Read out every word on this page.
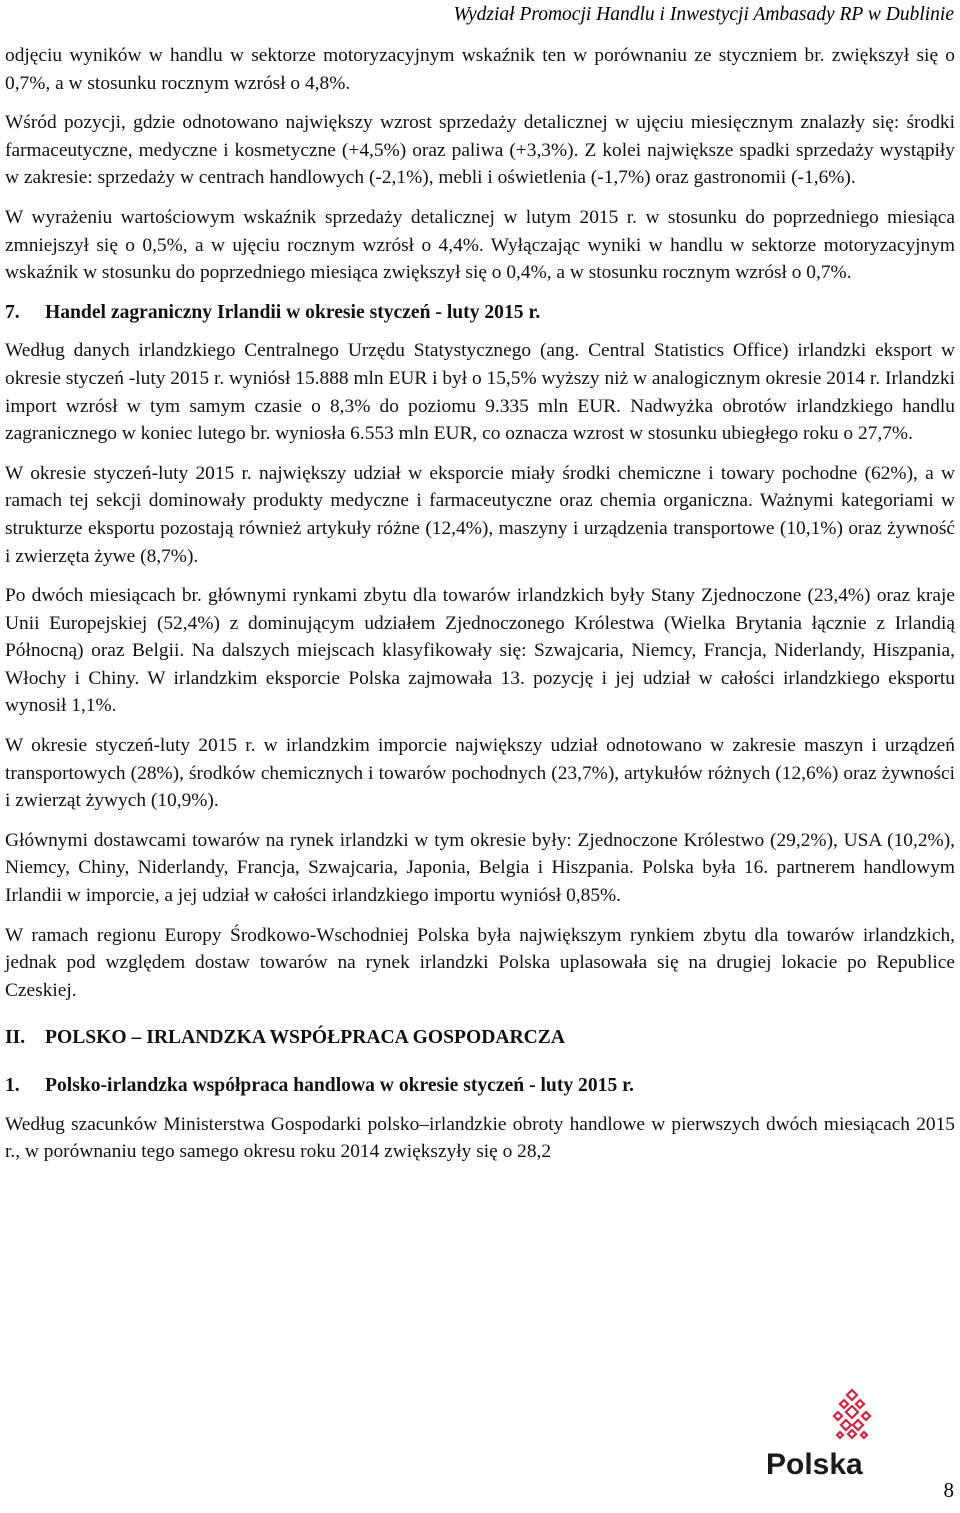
Wydział Promocji Handlu i Inwestycji Ambasady RP w Dublinie

odjęciu wyników w handlu w sektorze motoryzacyjnym wskaźnik ten w porównaniu ze styczniem br. zwiększył się o 0,7%, a w stosunku rocznym wzrósł o 4,8%.

Wśród pozycji, gdzie odnotowano największy wzrost sprzedaży detalicznej w ujęciu miesięcznym znalazły się: środki farmaceutyczne, medyczne i kosmetyczne (+4,5%) oraz paliwa (+3,3%). Z kolei największe spadki sprzedaży wystąpiły w zakresie: sprzedaży w centrach handlowych (-2,1%), mebli i oświetlenia (-1,7%) oraz gastronomii (-1,6%).

W wyrażeniu wartościowym wskaźnik sprzedaży detalicznej w lutym 2015 r. w stosunku do poprzedniego miesiąca zmniejszył się o 0,5%, a w ujęciu rocznym wzrósł o 4,4%. Wyłączając wyniki w handlu w sektorze motoryzacyjnym wskaźnik w stosunku do poprzedniego miesiąca zwiększył się o 0,4%, a w stosunku rocznym wzrósł o 0,7%.

7. Handel zagraniczny Irlandii w okresie styczeń - luty 2015 r.

Według danych irlandzkiego Centralnego Urzędu Statystycznego (ang. Central Statistics Office) irlandzki eksport w okresie styczeń -luty 2015 r. wyniósł 15.888 mln EUR i był o 15,5% wyższy niż w analogicznym okresie 2014 r. Irlandzki import wzrósł w tym samym czasie o 8,3% do poziomu 9.335 mln EUR. Nadwyżka obrotów irlandzkiego handlu zagranicznego w koniec lutego br. wyniosła 6.553 mln EUR, co oznacza wzrost w stosunku ubiegłego roku o 27,7%.

W okresie styczeń-luty 2015 r. największy udział w eksporcie miały środki chemiczne i towary pochodne (62%), a w ramach tej sekcji dominowały produkty medyczne i farmaceutyczne oraz chemia organiczna. Ważnymi kategoriami w strukturze eksportu pozostają również artykuły różne (12,4%), maszyny i urządzenia transportowe (10,1%) oraz żywność i zwierzęta żywe (8,7%).

Po dwóch miesiącach br. głównymi rynkami zbytu dla towarów irlandzkich były Stany Zjednoczone (23,4%) oraz kraje Unii Europejskiej (52,4%) z dominującym udziałem Zjednoczonego Królestwa (Wielka Brytania łącznie z Irlandią Północną) oraz Belgii. Na dalszych miejscach klasyfikowały się: Szwajcaria, Niemcy, Francja, Niderlandy, Hiszpania, Włochy i Chiny. W irlandzkim eksporcie Polska zajmowała 13. pozycję i jej udział w całości irlandzkiego eksportu wynosił 1,1%.

W okresie styczeń-luty 2015 r. w irlandzkim imporcie największy udział odnotowano w zakresie maszyn i urządzeń transportowych (28%), środków chemicznych i towarów pochodnych (23,7%), artykułów różnych (12,6%) oraz żywności i zwierząt żywych (10,9%).

Głównymi dostawcami towarów na rynek irlandzki w tym okresie były: Zjednoczone Królestwo (29,2%), USA (10,2%), Niemcy, Chiny, Niderlandy, Francja, Szwajcaria, Japonia, Belgia i Hiszpania. Polska była 16. partnerem handlowym Irlandii w imporcie, a jej udział w całości irlandzkiego importu wyniósł 0,85%.

W ramach regionu Europy Środkowo-Wschodniej Polska była największym rynkiem zbytu dla towarów irlandzkich, jednak pod względem dostaw towarów na rynek irlandzki Polska uplasowała się na drugiej lokacie po Republice Czeskiej.

II. POLSKO – IRLANDZKA WSPÓŁPRACA GOSPODARCZA
1. Polsko-irlandzka współpraca handlowa w okresie styczeń - luty 2015 r.

Według szacunków Ministerstwa Gospodarki polsko–irlandzkie obroty handlowe w pierwszych dwóch miesiącach 2015 r., w porównaniu tego samego okresu roku 2014 zwiększyły się o 28,2

Polska
8
